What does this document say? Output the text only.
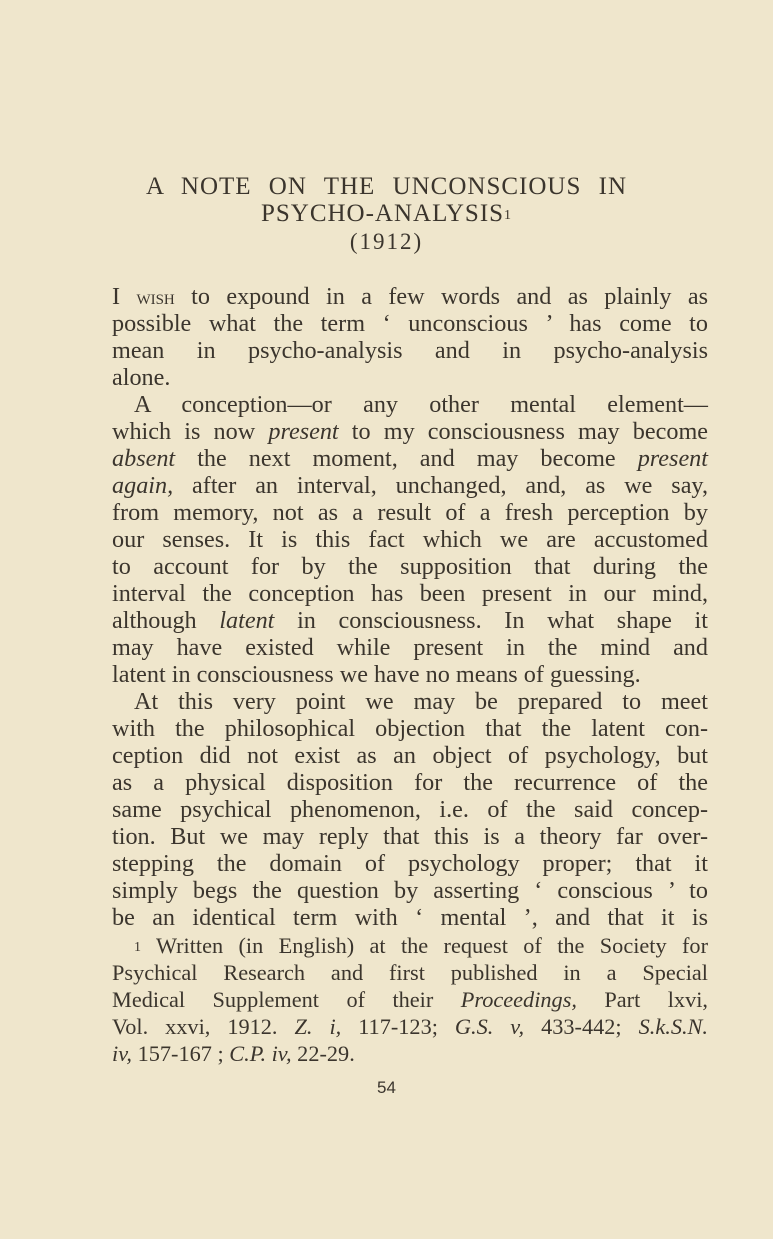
A NOTE ON THE UNCONSCIOUS IN
PSYCHO-ANALYSIS$^1$
(1912)
I wish to expound in a few words and as plainly as
possible what the term ‘ unconscious ’ has come to
mean in psycho-analysis and in psycho-analysis
alone.
A conception—or any other mental element—
which is now present to my consciousness may become
absent the next moment, and may become present
again, after an interval, unchanged, and, as we say,
from memory, not as a result of a fresh perception by
our senses. It is this fact which we are accustomed
to account for by the supposition that during the
interval the conception has been present in our mind,
although latent in consciousness. In what shape it
may have existed while present in the mind and
latent in consciousness we have no means of guessing.
At this very point we may be prepared to meet
with the philosophical objection that the latent con-
ception did not exist as an object of psychology, but
as a physical disposition for the recurrence of the
same psychical phenomenon, i.e. of the said concep-
tion. But we may reply that this is a theory far over-
stepping the domain of psychology proper; that it
simply begs the question by asserting ‘ conscious ’ to
be an identical term with ‘ mental ’, and that it is
$^1$ Written (in English) at the request of the Society for
Psychical Research and first published in a Special
Medical Supplement of their Proceedings, Part lxvi,
Vol. xxvi, 1912. Z. i, 117-123; G.S. v, 433-442; S.k.S.N.
iv, 157-167 ; C.P. iv, 22-29.
54
